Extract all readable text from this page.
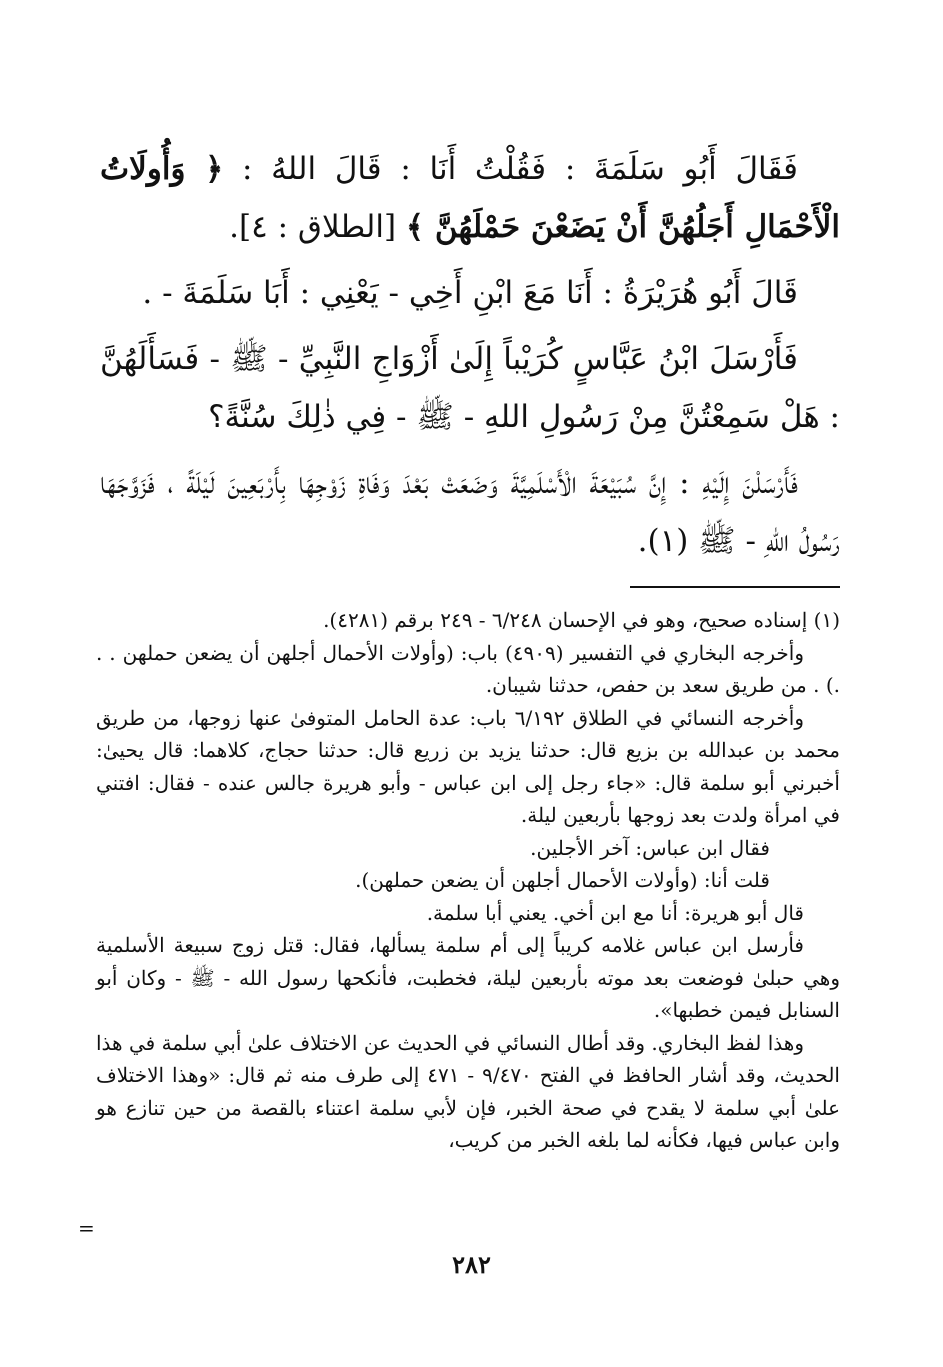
فَقَالَ أَبُو سَلَمَةَ : فَقُلْتُ أَنَا : قَالَ اللهُ : ﴿ وَأُولَاتُ الْأَحْمَالِ أَجَلُهُنَّ أَنْ يَضَعْنَ حَمْلَهُنَّ ﴾ [الطلاق : ٤].

قَالَ أَبُو هُرَيْرَةُ : أَنَا مَعَ ابْنِ أَخِي - يَعْنِي : أَبَا سَلَمَةَ - .

فَأَرْسَلَ ابْنُ عَبَّاسٍ كُرَيْباً إِلَىٰ أَزْوَاجِ النَّبِيِّ - ﷺ - فَسَأَلَهُنَّ : هَلْ سَمِعْتُنَّ مِنْ رَسُولِ اللهِ - ﷺ - فِي ذٰلِكَ سُنَّةً؟

فَأَرْسَلْنَ إِلَيْهِ : إِنَّ سُبَيْعَةَ الْأَسْلَمِيَّةَ وَضَعَتْ بَعْدَ وَفَاةِ زَوْجِهَا بِأَرْبَعِينَ لَيْلَةً ، فَزَوَّجَهَا رَسُولُ اللهِ - ﷺ (١).

(١) إسناده صحيح، وهو في الإحسان ٦/٢٤٨ - ٢٤٩ برقم (٤٢٨١).

وأخرجه البخاري في التفسير (٤٩٠٩) باب: (وأولات الأحمال أجلهن أن يضعن حملهن . . .) . من طريق سعد بن حفص، حدثنا شيبان.

وأخرجه النسائي في الطلاق ٦/١٩٢ باب: عدة الحامل المتوفىٰ عنها زوجها، من طريق محمد بن عبدالله بن بزيع قال: حدثنا يزيد بن زريع قال: حدثنا حجاج، كلاهما: قال يحيىٰ: أخبرني أبو سلمة قال: «جاء رجل إلى ابن عباس - وأبو هريرة جالس عنده - فقال: افتني في امرأة ولدت بعد زوجها بأربعين ليلة.

فقال ابن عباس: آخر الأجلين.

قلت أنا: (وأولات الأحمال أجلهن أن يضعن حملهن).

قال أبو هريرة: أنا مع ابن أخي. يعني أبا سلمة.

فأرسل ابن عباس غلامه كريباً إلى أم سلمة يسألها، فقال: قتل زوج سبيعة الأسلمية وهي حبلىٰ فوضعت بعد موته بأربعين ليلة، فخطبت، فأنكحها رسول الله - ﷺ - وكان أبو السنابل فيمن خطبها».

وهذا لفظ البخاري. وقد أطال النسائي في الحديث عن الاختلاف علىٰ أبي سلمة في هذا الحديث، وقد أشار الحافظ في الفتح ٩/٤٧٠ - ٤٧١ إلى طرف منه ثم قال: «وهذا الاختلاف علىٰ أبي سلمة لا يقدح في صحة الخبر، فإن لأبي سلمة اعتناء بالقصة من حين تنازع هو وابن عباس فيها، فكأنه لما بلغه الخبر من كريب،

=
٢٨٢
